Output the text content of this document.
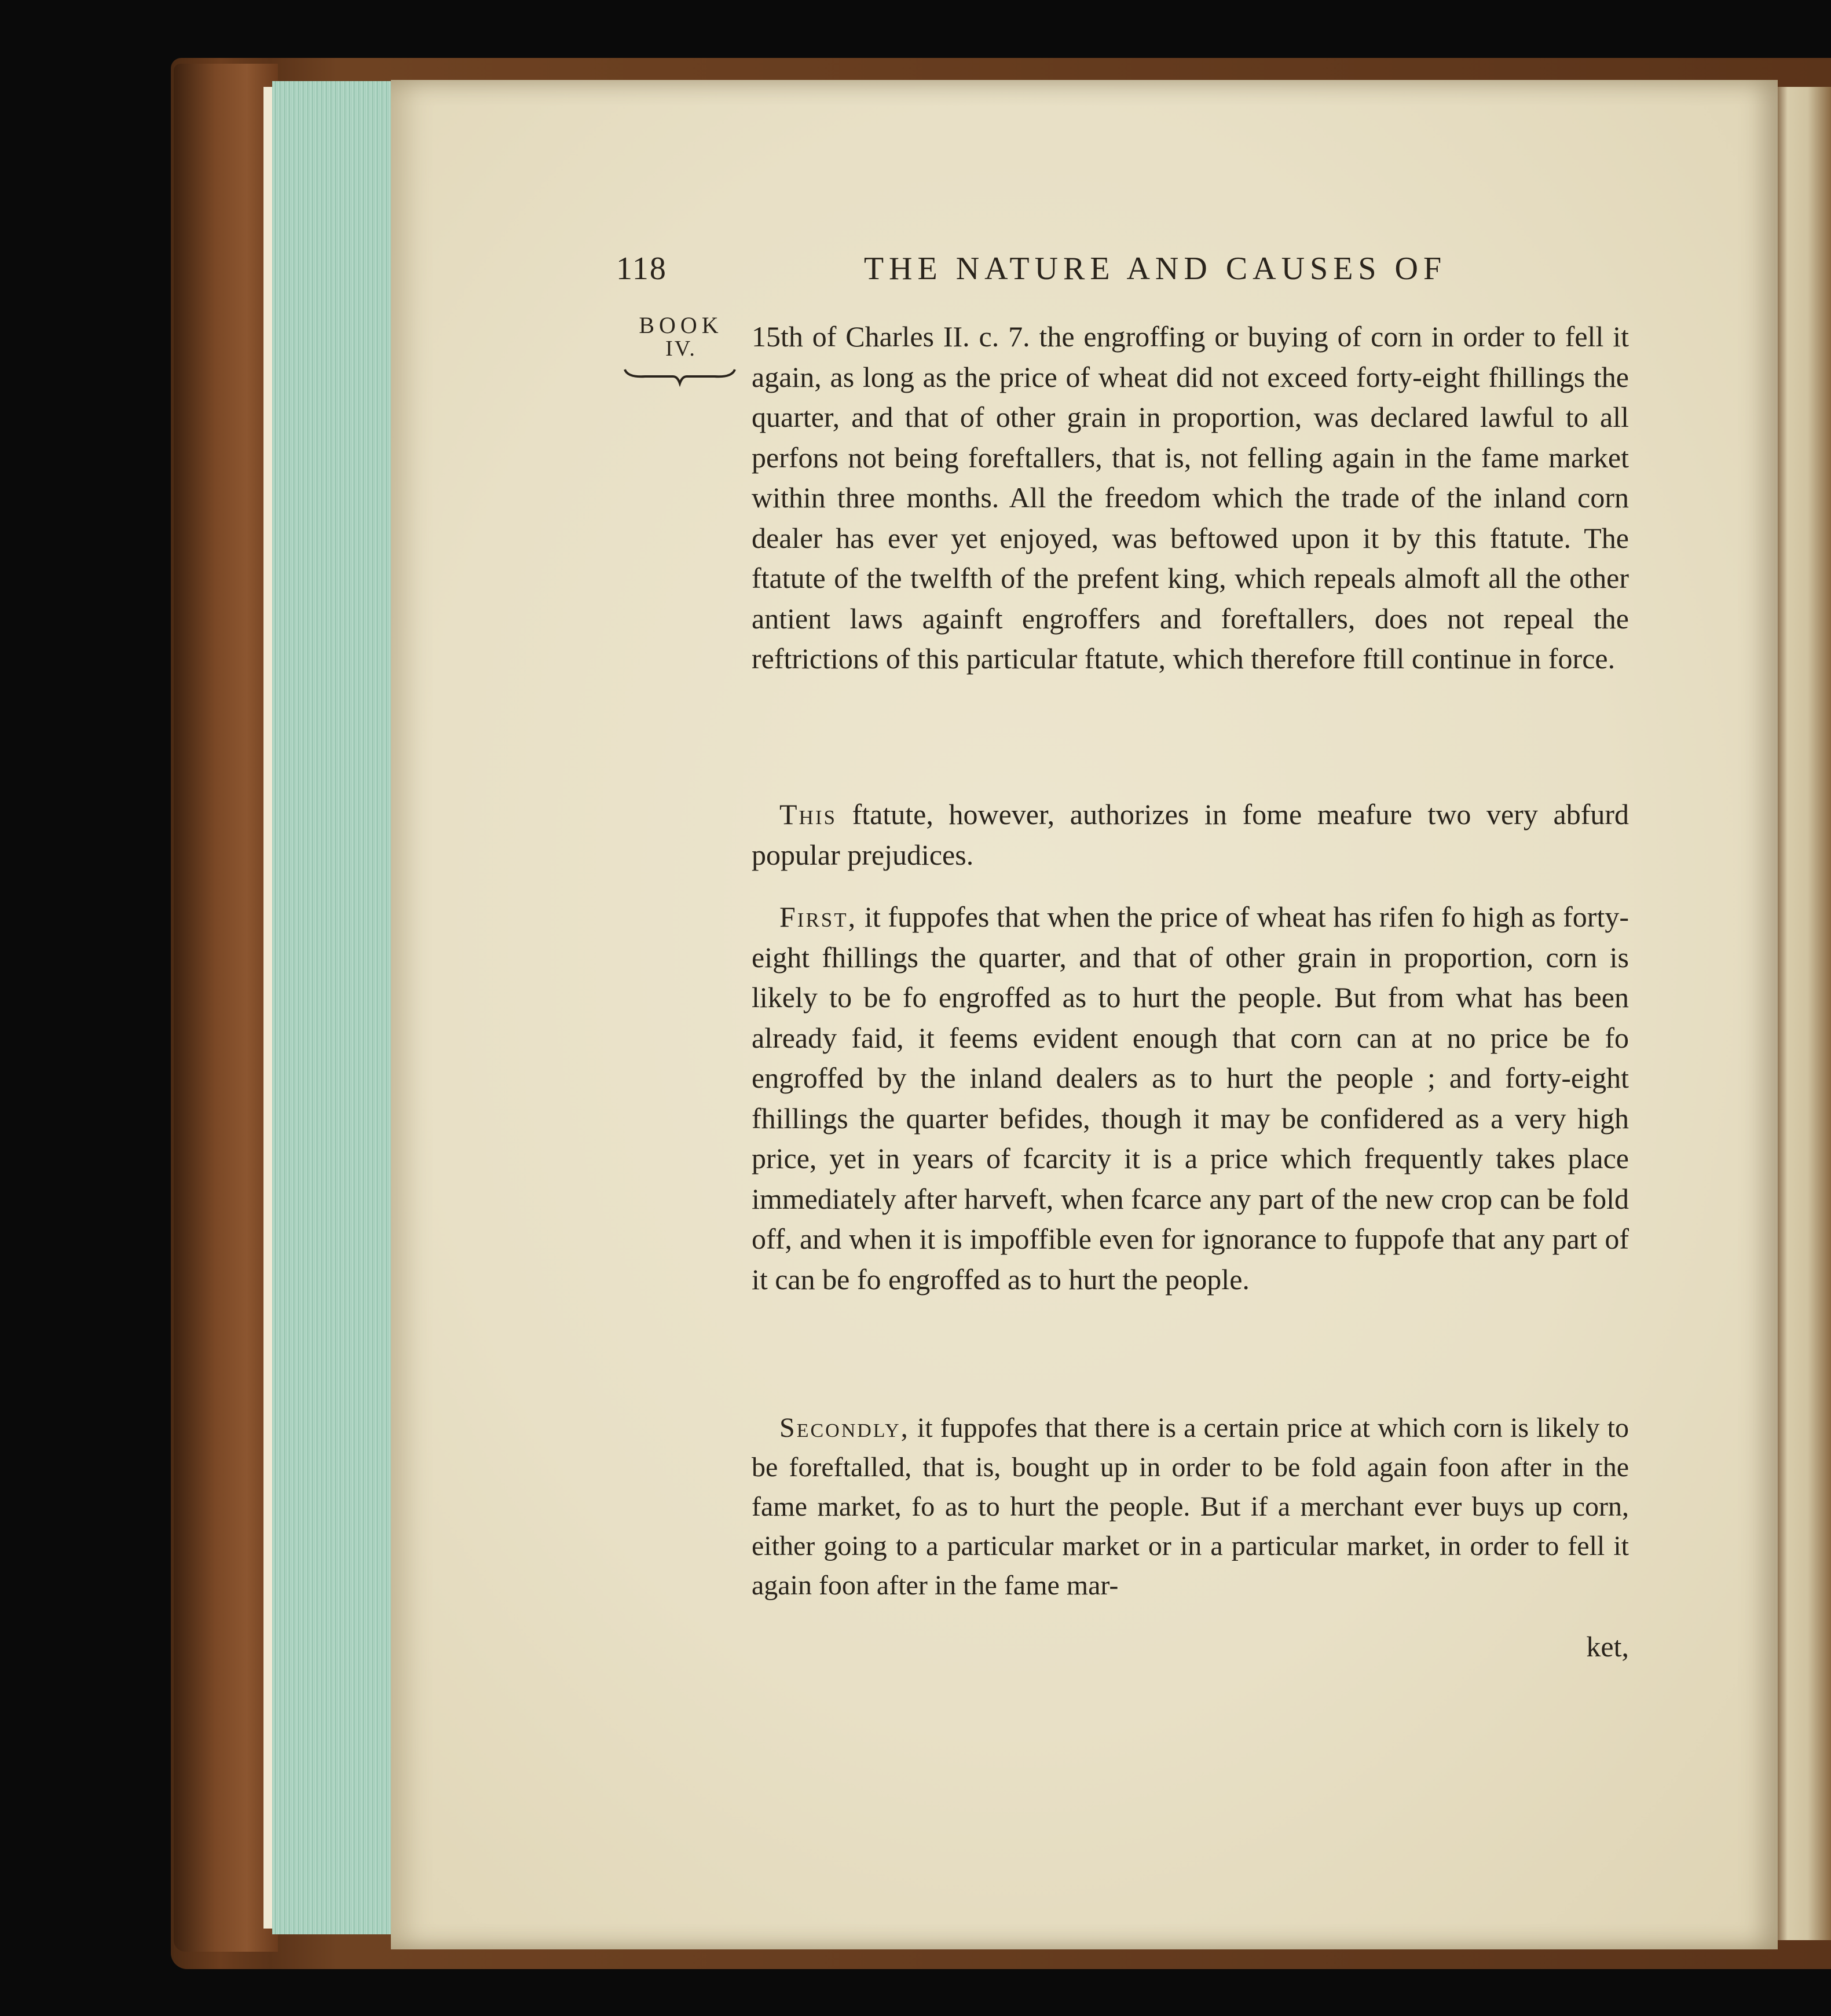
118	THE NATURE AND CAUSES OF
BOOK
IV.	15th of Charles II. c. 7. the engroffing or buying of corn in order to fell it again, as long as the price of wheat did not exceed forty-eight fhillings the quarter, and that of other grain in proportion, was declared lawful to all perfons not being foreftallers, that is, not felling again in the fame market within three months. All the freedom which the trade of the inland corn dealer has ever yet enjoyed, was beftowed upon it by this ftatute. The ftatute of the twelfth of the prefent king, which repeals almoft all the other antient laws againft engroffers and foreftallers, does not repeal the reftrictions of this particular ftatute, which therefore ftill continue in force.
This ftatute, however, authorizes in fome meafure two very abfurd popular prejudices.
First, it fuppofes that when the price of wheat has rifen fo high as forty-eight fhillings the quarter, and that of other grain in proportion, corn is likely to be fo engroffed as to hurt the people. But from what has been already faid, it feems evident enough that corn can at no price be fo engroffed by the inland dealers as to hurt the people ; and forty-eight fhillings the quarter befides, though it may be confidered as a very high price, yet in years of fcarcity it is a price which frequently takes place immediately after harveft, when fcarce any part of the new crop can be fold off, and when it is impoffible even for ignorance to fuppofe that any part of it can be fo engroffed as to hurt the people.
Secondly, it fuppofes that there is a certain price at which corn is likely to be foreftalled, that is, bought up in order to be fold again foon after in the fame market, fo as to hurt the people. But if a merchant ever buys up corn, either going to a particular market or in a particular market, in order to fell it again foon after in the fame mar-
ket,
